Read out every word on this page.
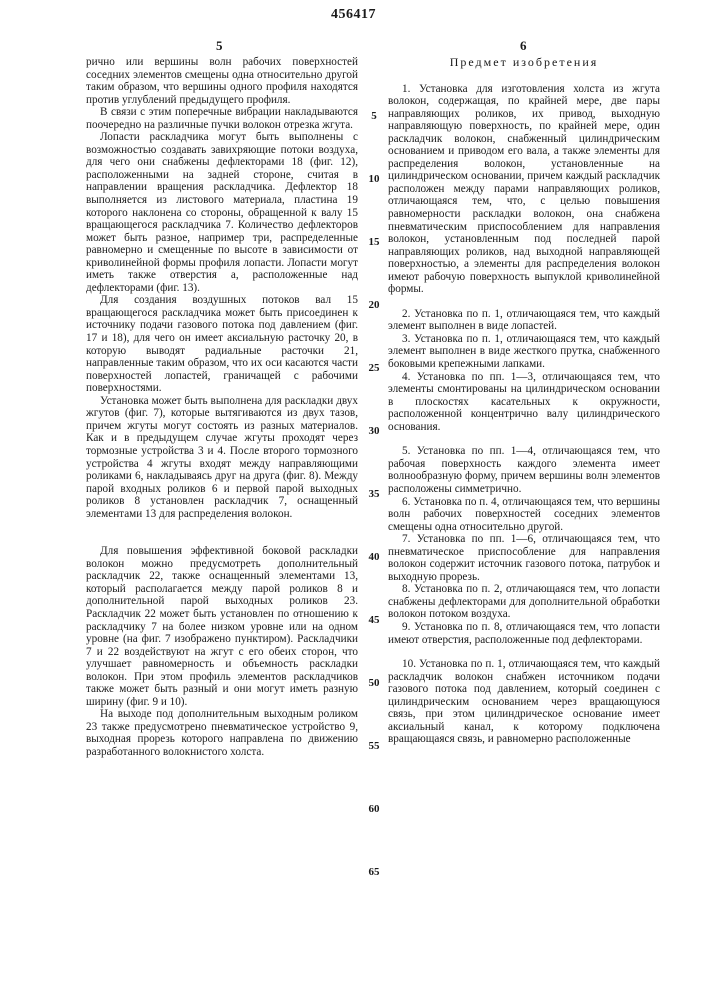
456417
5	6

рично или вершины волн рабочих поверхностей соседних элементов смещены одна относительно другой таким образом, что вершины одного профиля находятся против углублений предыдущего профиля.

В связи с этим поперечные вибрации накладываются поочередно на различные пучки волокон отрезка жгута.

Лопасти раскладчика могут быть выполнены с возможностью создавать завихряющие потоки воздуха, для чего они снабжены дефлекторами 18 (фиг. 12), расположенными на задней стороне, считая в направлении вращения раскладчика. Дефлектор 18 выполняется из листового материала, пластина 19 которого наклонена со стороны, обращенной к валу 15 вращающегося раскладчика 7. Количество дефлекторов может быть разное, например три, распределенные равномерно и смещенные по высоте в зависимости от криволинейной формы профиля лопасти. Лопасти могут иметь также отверстия а, расположенные над дефлекторами (фиг. 13).

Для создания воздушных потоков вал 15 вращающегося раскладчика может быть присоединен к источнику подачи газового потока под давлением (фиг. 17 и 18), для чего он имеет аксиальную расточку 20, в которую выводят радиальные расточки 21, направленные таким образом, что их оси касаются части поверхностей лопастей, граничащей с рабочими поверхностями.

Установка может быть выполнена для раскладки двух жгутов (фиг. 7), которые вытягиваются из двух тазов, причем жгуты могут состоять из разных материалов. Как и в предыдущем случае жгуты проходят через тормозные устройства 3 и 4. После второго тормозного устройства 4 жгуты входят между направляющими роликами 6, накладываясь друг на друга (фиг. 8). Между парой входных роликов 6 и первой парой выходных роликов 8 установлен раскладчик 7, оснащенный элементами 13 для распределения волокон.

Для повышения эффективной боковой раскладки волокон можно предусмотреть дополнительный раскладчик 22, также оснащенный элементами 13, который располагается между парой роликов 8 и дополнительной парой выходных роликов 23. Раскладчик 22 может быть установлен по отношению к раскладчику 7 на более низком уровне или на одном уровне (на фиг. 7 изображено пунктиром). Раскладчики 7 и 22 воздействуют на жгут с его обеих сторон, что улучшает равномерность и объемность раскладки волокон. При этом профиль элементов раскладчиков также может быть разный и они могут иметь разную ширину (фиг. 9 и 10).

На выходе под дополнительным выходным роликом 23 также предусмотрено пневматическое устройство 9, выходная прорезь которого направлена по движению разработанного волокнистого холста.

Предмет изобретения

1. Установка для изготовления холста из жгута волокон, содержащая, по крайней мере, две пары направляющих роликов, их привод, выходную направляющую поверхность, по крайней мере, один раскладчик волокон, снабженный цилиндрическим основанием и приводом его вала, а также элементы для распределения волокон, установленные на цилиндрическом основании, причем каждый раскладчик расположен между парами направляющих роликов, отличающаяся тем, что, с целью повышения равномерности раскладки волокон, она снабжена пневматическим приспособлением для направления волокон, установленным под последней парой направляющих роликов, над выходной направляющей поверхностью, а элементы для распределения волокон имеют рабочую поверхность выпуклой криволинейной формы.

2. Установка по п. 1, отличающаяся тем, что каждый элемент выполнен в виде лопастей.

3. Установка по п. 1, отличающаяся тем, что каждый элемент выполнен в виде жесткого прутка, снабженного боковыми крепежными лапками.

4. Установка по пп. 1—3, отличающаяся тем, что элементы смонтированы на цилиндрическом основании в плоскостях касательных к окружности, расположенной концентрично валу цилиндрического основания.

5. Установка по пп. 1—4, отличающаяся тем, что рабочая поверхность каждого элемента имеет волнообразную форму, причем вершины волн элементов расположены симметрично.

6. Установка по п. 4, отличающаяся тем, что вершины волн рабочих поверхностей соседних элементов смещены одна относительно другой.

7. Установка по пп. 1—6, отличающаяся тем, что пневматическое приспособление для направления волокон содержит источник газового потока, патрубок и выходную прорезь.

8. Установка по п. 2, отличающаяся тем, что лопасти снабжены дефлекторами для дополнительной обработки волокон потоком воздуха.

9. Установка по п. 8, отличающаяся тем, что лопасти имеют отверстия, расположенные под дефлекторами.

10. Установка по п. 1, отличающаяся тем, что каждый раскладчик волокон снабжен источником подачи газового потока под давлением, который соединен с цилиндрическим основанием через вращающуюся связь, при этом цилиндрическое основание имеет аксиальный канал, к которому подключена вращающаяся связь, и равномерно расположенные

5
10
15
20
25
30
35
40
45
50
55
60
65
